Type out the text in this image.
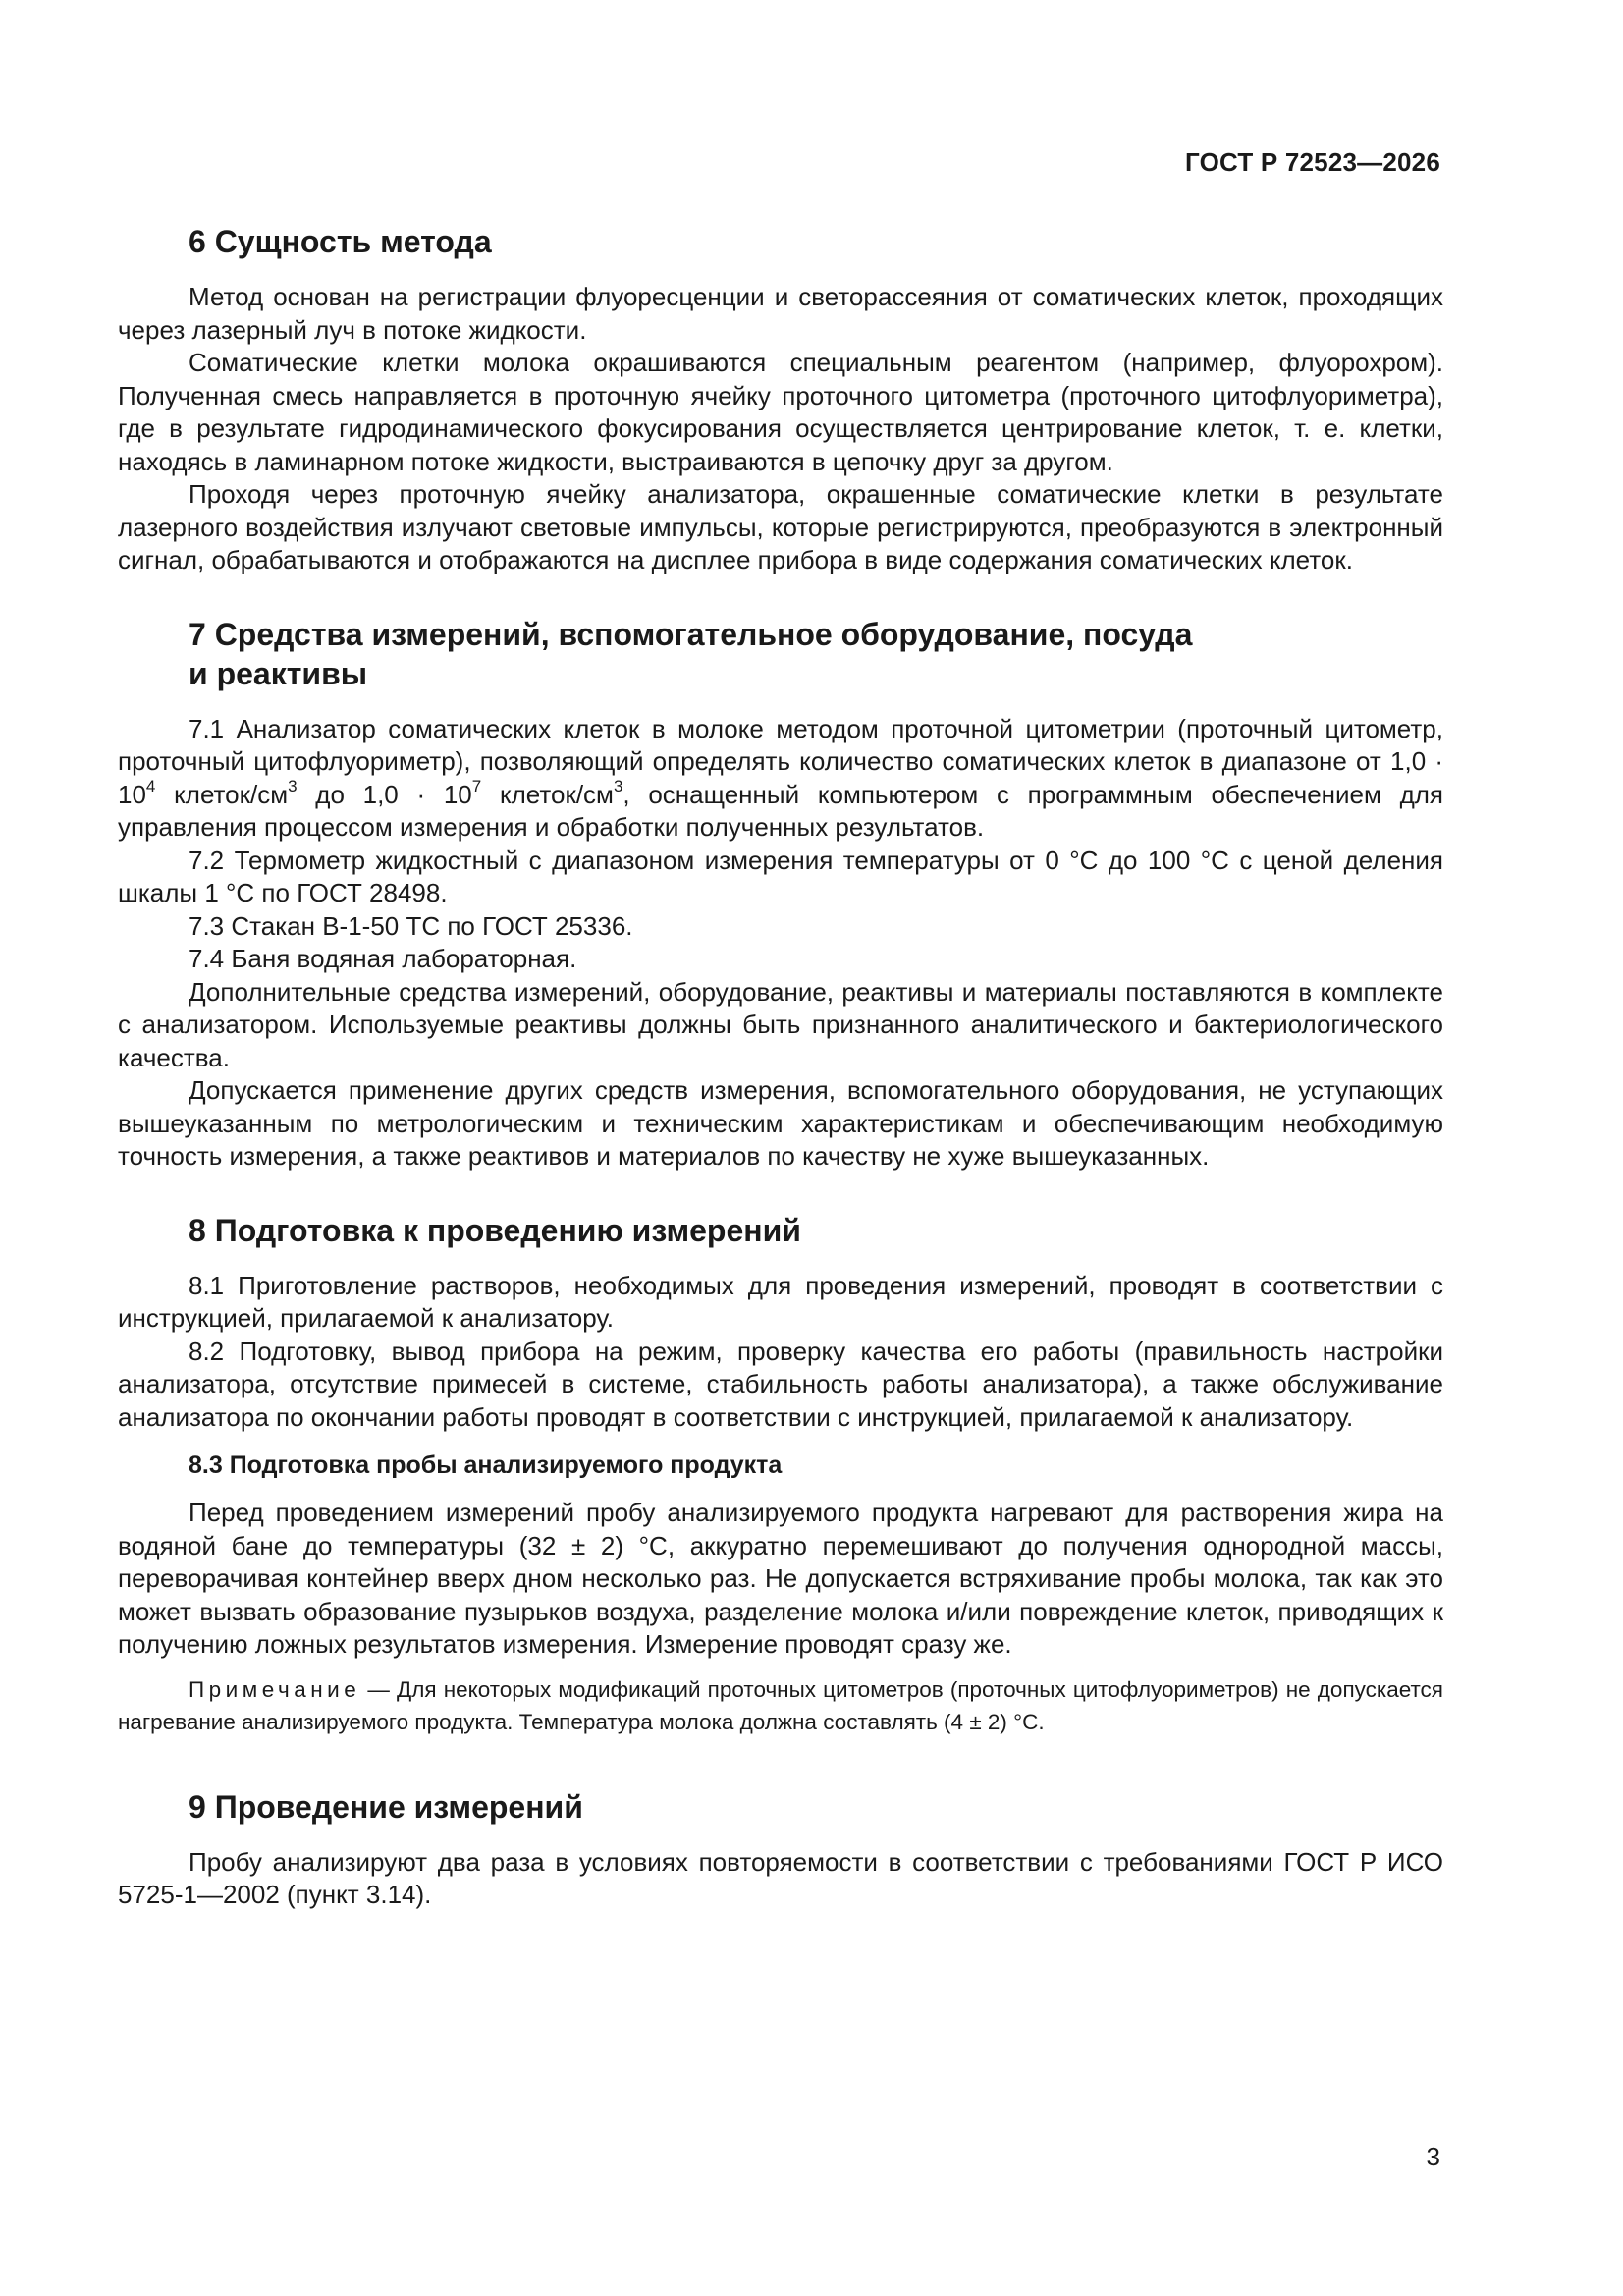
ГОСТ Р 72523—2026
6 Сущность метода

Метод основан на регистрации флуоресценции и светорассеяния от соматических клеток, проходящих через лазерный луч в потоке жидкости.

Соматические клетки молока окрашиваются специальным реагентом (например, флуорохром). Полученная смесь направляется в проточную ячейку проточного цитометра (проточного цитофлуориметра), где в результате гидродинамического фокусирования осуществляется центрирование клеток, т. е. клетки, находясь в ламинарном потоке жидкости, выстраиваются в цепочку друг за другом.

Проходя через проточную ячейку анализатора, окрашенные соматические клетки в результате лазерного воздействия излучают световые импульсы, которые регистрируются, преобразуются в электронный сигнал, обрабатываются и отображаются на дисплее прибора в виде содержания соматических клеток.

7 Средства измерений, вспомогательное оборудование, посуда
и реактивы

7.1 Анализатор соматических клеток в молоке методом проточной цитометрии (проточный цитометр, проточный цитофлуориметр), позволяющий определять количество соматических клеток в диапазоне от $1,0 \cdot 10^4$ клеток/$см^3$ до $1,0 \cdot 10^7$ клеток/$см^3$, оснащенный компьютером с программным обеспечением для управления процессом измерения и обработки полученных результатов.

7.2 Термометр жидкостный с диапазоном измерения температуры от 0 °С до 100 °С с ценой деления шкалы 1 °С по ГОСТ 28498.

7.3 Стакан В-1-50 ТС по ГОСТ 25336.

7.4 Баня водяная лабораторная.

Дополнительные средства измерений, оборудование, реактивы и материалы поставляются в комплекте с анализатором. Используемые реактивы должны быть признанного аналитического и бактериологического качества.

Допускается применение других средств измерения, вспомогательного оборудования, не уступающих вышеуказанным по метрологическим и техническим характеристикам и обеспечивающим необходимую точность измерения, а также реактивов и материалов по качеству не хуже вышеуказанных.

8 Подготовка к проведению измерений

8.1 Приготовление растворов, необходимых для проведения измерений, проводят в соответствии с инструкцией, прилагаемой к анализатору.

8.2 Подготовку, вывод прибора на режим, проверку качества его работы (правильность настройки анализатора, отсутствие примесей в системе, стабильность работы анализатора), а также обслуживание анализатора по окончании работы проводят в соответствии с инструкцией, прилагаемой к анализатору.

8.3 Подготовка пробы анализируемого продукта

Перед проведением измерений пробу анализируемого продукта нагревают для растворения жира на водяной бане до температуры (32 ± 2) °С, аккуратно перемешивают до получения однородной массы, переворачивая контейнер вверх дном несколько раз. Не допускается встряхивание пробы молока, так как это может вызвать образование пузырьков воздуха, разделение молока и/или повреждение клеток, приводящих к получению ложных результатов измерения. Измерение проводят сразу же.

Примечание — Для некоторых модификаций проточных цитометров (проточных цитофлуориметров) не допускается нагревание анализируемого продукта. Температура молока должна составлять (4 ± 2) °С.

9 Проведение измерений

Пробу анализируют два раза в условиях повторяемости в соответствии с требованиями ГОСТ Р ИСО 5725-1—2002 (пункт 3.14).

3
